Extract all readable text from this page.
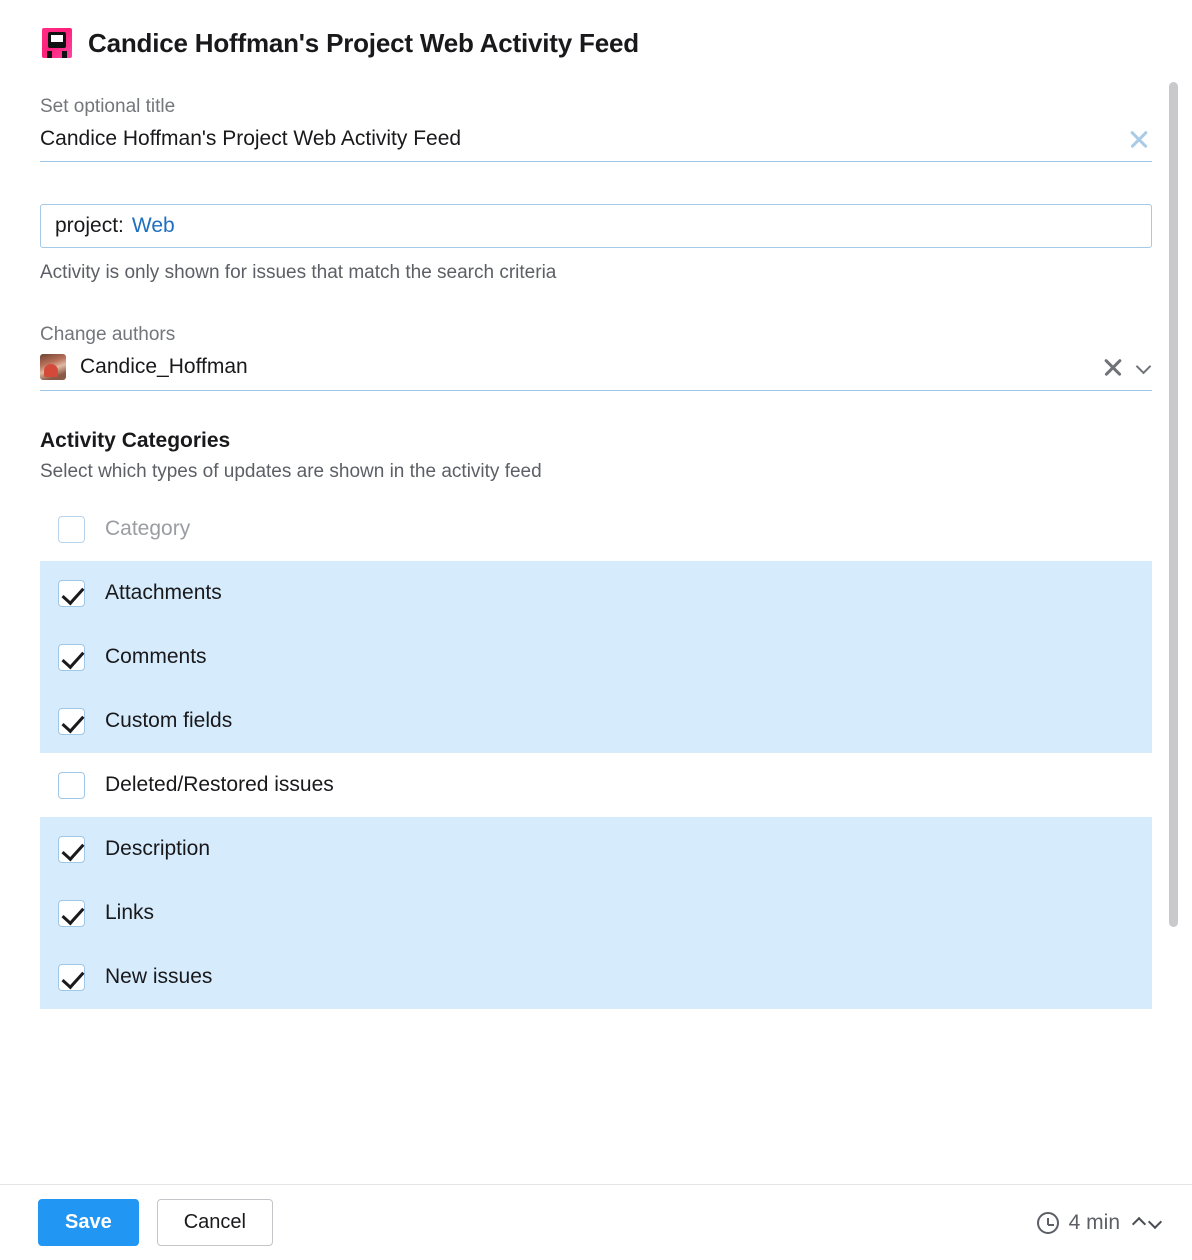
Candice Hoffman's Project Web Activity Feed
Set optional title
Candice Hoffman's Project Web Activity Feed
project: Web
Activity is only shown for issues that match the search criteria
Change authors
Candice_Hoffman
Activity Categories
Select which types of updates are shown in the activity feed
Category
Attachments
Comments
Custom fields
Deleted/Restored issues
Description
Links
New issues
Save	Cancel	4 min
